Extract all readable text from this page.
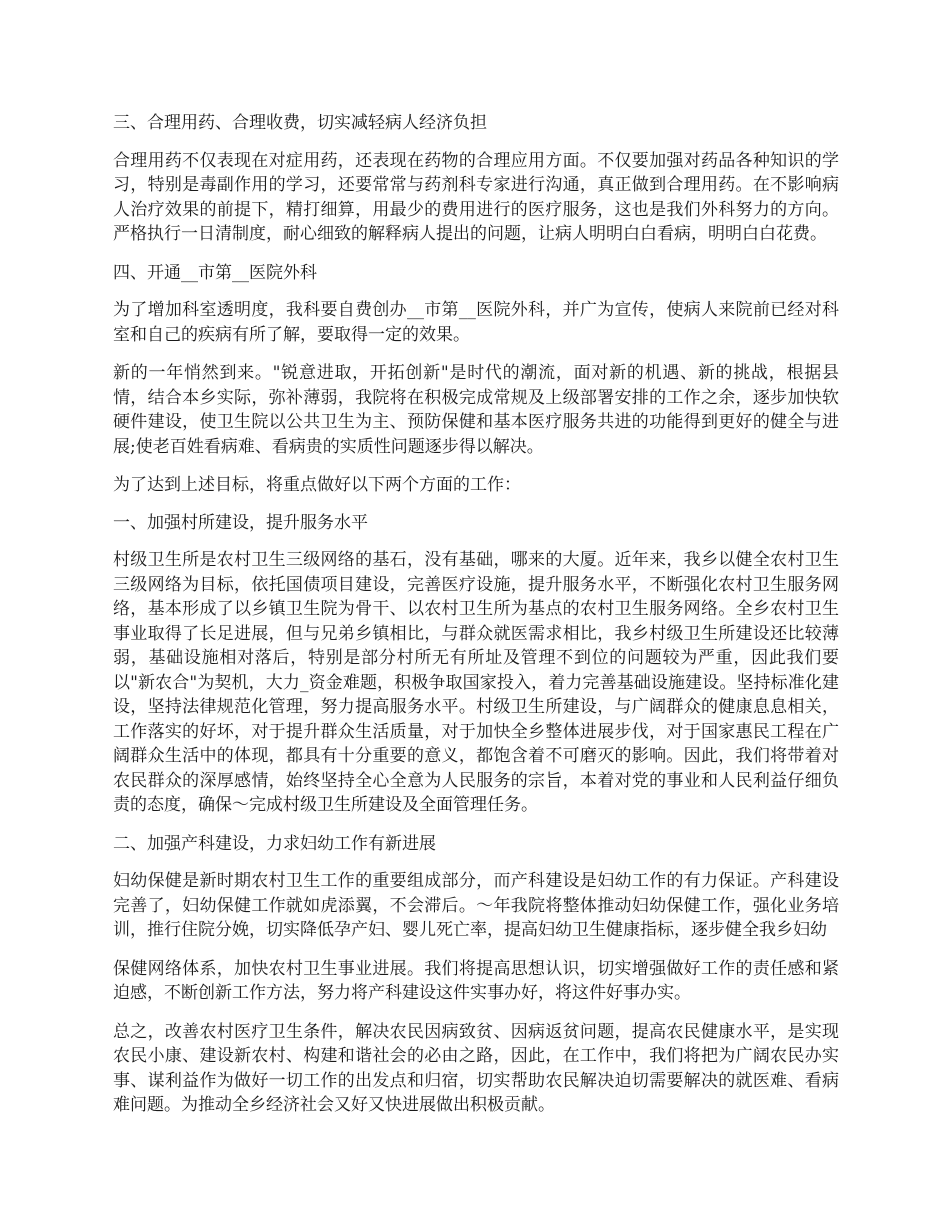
三、合理用药、合理收费，切实减轻病人经济负担

合理用药不仅表现在对症用药，还表现在药物的合理应用方面。不仅要加强对药品各种知识的学习，特别是毒副作用的学习，还要常常与药剂科专家进行沟通，真正做到合理用药。在不影响病人治疗效果的前提下，精打细算，用最少的费用进行的医疗服务，这也是我们外科努力的方向。严格执行一日清制度，耐心细致的解释病人提出的问题，让病人明明白白看病，明明白白花费。

四、开通__市第__医院外科

为了增加科室透明度，我科要自费创办__市第__医院外科，并广为宣传，使病人来院前已经对科室和自己的疾病有所了解，要取得一定的效果。

新的一年悄然到来。"锐意进取，开拓创新"是时代的潮流，面对新的机遇、新的挑战，根据县情，结合本乡实际，弥补薄弱，我院将在积极完成常规及上级部署安排的工作之余，逐步加快软硬件建设，使卫生院以公共卫生为主、预防保健和基本医疗服务共进的功能得到更好的健全与进展;使老百姓看病难、看病贵的实质性问题逐步得以解决。

为了达到上述目标，将重点做好以下两个方面的工作：

一、加强村所建设，提升服务水平

村级卫生所是农村卫生三级网络的基石，没有基础，哪来的大厦。近年来，我乡以健全农村卫生三级网络为目标，依托国债项目建设，完善医疗设施，提升服务水平，不断强化农村卫生服务网络，基本形成了以乡镇卫生院为骨干、以农村卫生所为基点的农村卫生服务网络。全乡农村卫生事业取得了长足进展，但与兄弟乡镇相比，与群众就医需求相比，我乡村级卫生所建设还比较薄弱，基础设施相对落后，特别是部分村所无有所址及管理不到位的问题较为严重，因此我们要以"新农合"为契机，大力_资金难题，积极争取国家投入，着力完善基础设施建设。坚持标准化建设，坚持法律规范化管理，努力提高服务水平。村级卫生所建设，与广阔群众的健康息息相关，工作落实的好坏，对于提升群众生活质量，对于加快全乡整体进展步伐，对于国家惠民工程在广阔群众生活中的体现，都具有十分重要的意义，都饱含着不可磨灭的影响。因此，我们将带着对农民群众的深厚感情，始终坚持全心全意为人民服务的宗旨，本着对党的事业和人民利益仔细负责的态度，确保～完成村级卫生所建设及全面管理任务。

二、加强产科建设，力求妇幼工作有新进展

妇幼保健是新时期农村卫生工作的重要组成部分，而产科建设是妇幼工作的有力保证。产科建设完善了，妇幼保健工作就如虎添翼，不会滞后。～年我院将整体推动妇幼保健工作，强化业务培训，推行住院分娩，切实降低孕产妇、婴儿死亡率，提高妇幼卫生健康指标，逐步健全我乡妇幼

保健网络体系，加快农村卫生事业进展。我们将提高思想认识，切实增强做好工作的责任感和紧迫感，不断创新工作方法，努力将产科建设这件实事办好，将这件好事办实。

总之，改善农村医疗卫生条件，解决农民因病致贫、因病返贫问题，提高农民健康水平，是实现农民小康、建设新农村、构建和谐社会的必由之路，因此，在工作中，我们将把为广阔农民办实事、谋利益作为做好一切工作的出发点和归宿，切实帮助农民解决迫切需要解决的就医难、看病难问题。为推动全乡经济社会又好又快进展做出积极贡献。
